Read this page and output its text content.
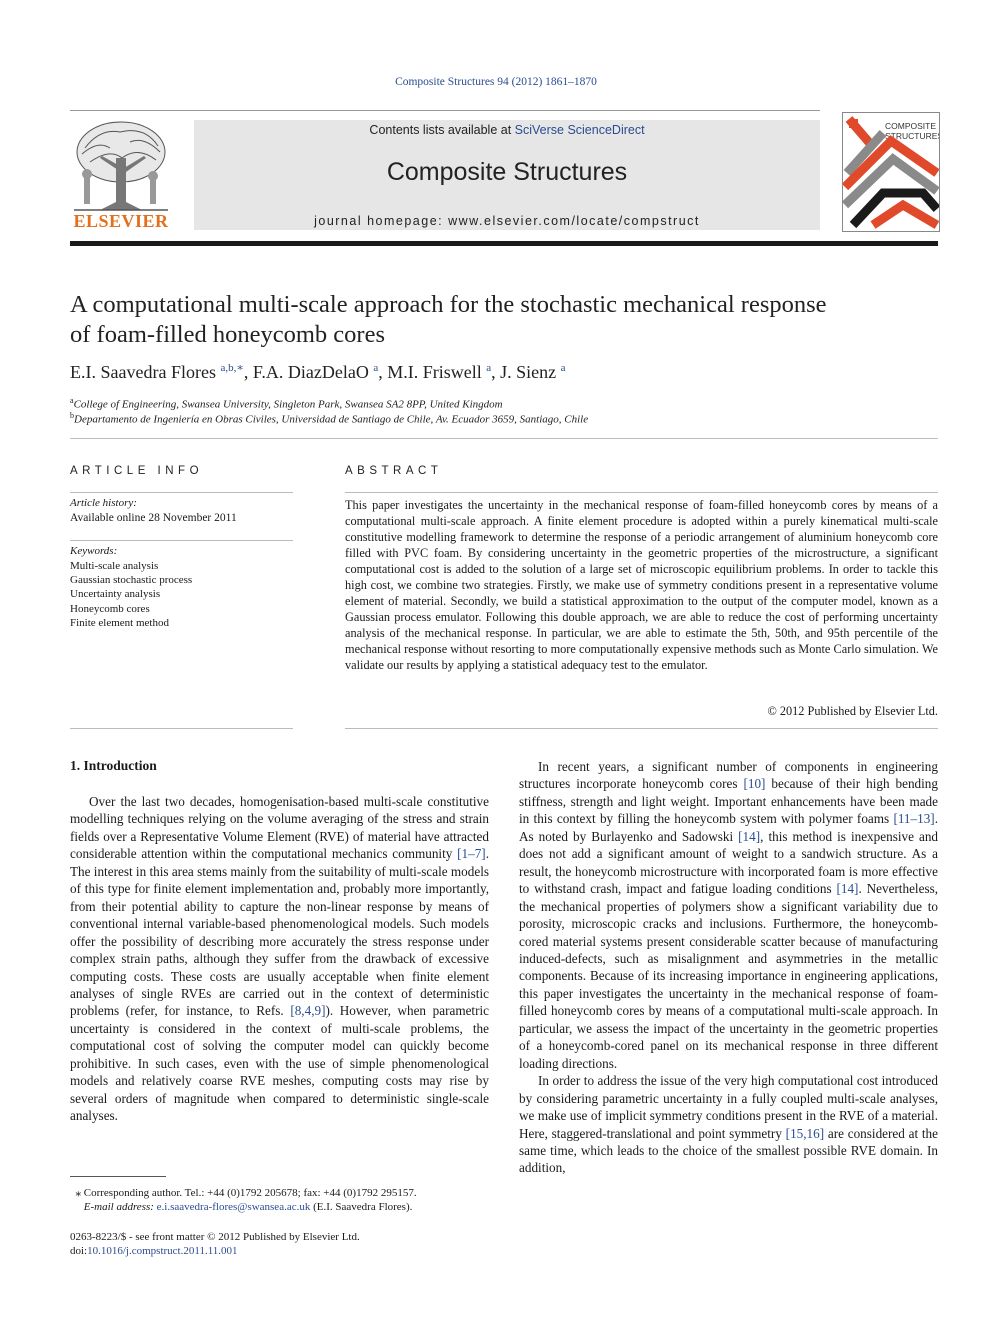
Composite Structures 94 (2012) 1861–1870
ELSEVIER
Contents lists available at SciVerse ScienceDirect
Composite Structures
journal homepage: www.elsevier.com/locate/compstruct
COMPOSITE
STRUCTURES
A computational multi-scale approach for the stochastic mechanical response
of foam-filled honeycomb cores
E.I. Saavedra Flores $^{a,b,∗}$, F.A. DiazDelaO $^a$, M.I. Friswell $^a$, J. Sienz $^a$
$^a$College of Engineering, Swansea University, Singleton Park, Swansea SA2 8PP, United Kingdom
$^b$Departamento de Ingeniería en Obras Civiles, Universidad de Santiago de Chile, Av. Ecuador 3659, Santiago, Chile
ARTICLE INFO
Article history:
Available online 28 November 2011
Keywords:
Multi-scale analysis
Gaussian stochastic process
Uncertainty analysis
Honeycomb cores
Finite element method
ABSTRACT

This paper investigates the uncertainty in the mechanical response of foam-filled honeycomb cores by means of a computational multi-scale approach. A finite element procedure is adopted within a purely kinematical multi-scale constitutive modelling framework to determine the response of a periodic arrangement of aluminium honeycomb core filled with PVC foam. By considering uncertainty in the geometric properties of the microstructure, a significant computational cost is added to the solution of a large set of microscopic equilibrium problems. In order to tackle this high cost, we combine two strategies. Firstly, we make use of symmetry conditions present in a representative volume element of material. Secondly, we build a statistical approximation to the output of the computer model, known as a Gaussian process emulator. Following this double approach, we are able to reduce the cost of performing uncertainty analysis of the mechanical response. In particular, we are able to estimate the 5th, 50th, and 95th percentile of the mechanical response without resorting to more computationally expensive methods such as Monte Carlo simulation. We validate our results by applying a statistical adequacy test to the emulator.

© 2012 Published by Elsevier Ltd.
1. Introduction

Over the last two decades, homogenisation-based multi-scale constitutive modelling techniques relying on the volume averaging of the stress and strain fields over a Representative Volume Element (RVE) of material have attracted considerable attention within the computational mechanics community [1–7]. The interest in this area stems mainly from the suitability of multi-scale models of this type for finite element implementation and, probably more importantly, from their potential ability to capture the non-linear response by means of conventional internal variable-based phenomenological models. Such models offer the possibility of describing more accurately the stress response under complex strain paths, although they suffer from the drawback of excessive computing costs. These costs are usually acceptable when finite element analyses of single RVEs are carried out in the context of deterministic problems (refer, for instance, to Refs. [8,4,9]). However, when parametric uncertainty is considered in the context of multi-scale problems, the computational cost of solving the computer model can quickly become prohibitive. In such cases, even with the use of simple phenomenological models and relatively coarse RVE meshes, computing costs may rise by several orders of magnitude when compared to deterministic single-scale analyses.

In recent years, a significant number of components in engineering structures incorporate honeycomb cores [10] because of their high bending stiffness, strength and light weight. Important enhancements have been made in this context by filling the honeycomb system with polymer foams [11–13]. As noted by Burlayenko and Sadowski [14], this method is inexpensive and does not add a significant amount of weight to a sandwich structure. As a result, the honeycomb microstructure with incorporated foam is more effective to withstand crash, impact and fatigue loading conditions [14]. Nevertheless, the mechanical properties of polymers show a significant variability due to porosity, microscopic cracks and inclusions. Furthermore, the honeycomb-cored material systems present considerable scatter because of manufacturing induced-defects, such as misalignment and asymmetries in the metallic components. Because of its increasing importance in engineering applications, this paper investigates the uncertainty in the mechanical response of foam-filled honeycomb cores by means of a computational multi-scale approach. In particular, we assess the impact of the uncertainty in the geometric properties of a honeycomb-cored panel on its mechanical response in three different loading directions.

In order to address the issue of the very high computational cost introduced by considering parametric uncertainty in a fully coupled multi-scale analyses, we make use of implicit symmetry conditions present in the RVE of a material. Here, staggered-translational and point symmetry [15,16] are considered at the same time, which leads to the choice of the smallest possible RVE domain. In addition,

⁎ Corresponding author. Tel.: +44 (0)1792 205678; fax: +44 (0)1792 295157.
E-mail address: e.i.saavedra-flores@swansea.ac.uk (E.I. Saavedra Flores).
0263-8223/$ - see front matter © 2012 Published by Elsevier Ltd.
doi:10.1016/j.compstruct.2011.11.001
